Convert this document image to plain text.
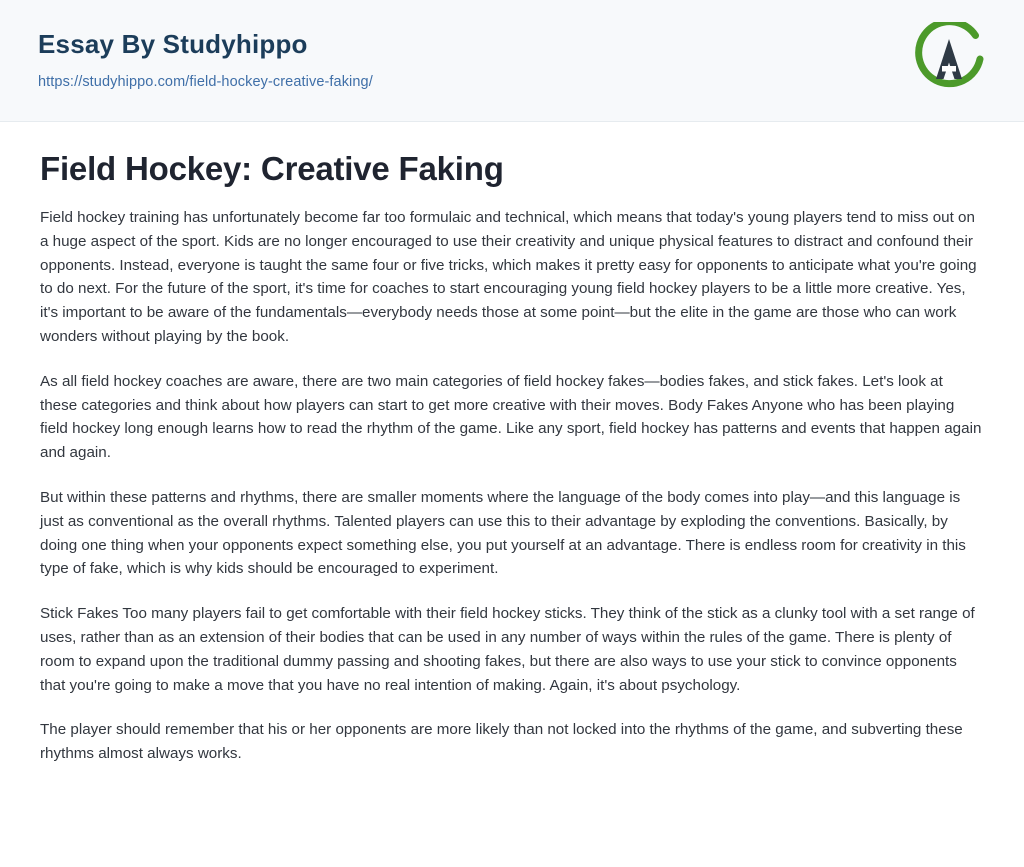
Essay By Studyhippo
https://studyhippo.com/field-hockey-creative-faking/
Field Hockey: Creative Faking

Field hockey training has unfortunately become far too formulaic and technical, which means that today's young players tend to miss out on a huge aspect of the sport. Kids are no longer encouraged to use their creativity and unique physical features to distract and confound their opponents. Instead, everyone is taught the same four or five tricks, which makes it pretty easy for opponents to anticipate what you're going to do next. For the future of the sport, it's time for coaches to start encouraging young field hockey players to be a little more creative. Yes, it's important to be aware of the fundamentals—everybody needs those at some point—but the elite in the game are those who can work wonders without playing by the book.

As all field hockey coaches are aware, there are two main categories of field hockey fakes—bodies fakes, and stick fakes. Let's look at these categories and think about how players can start to get more creative with their moves. Body Fakes Anyone who has been playing field hockey long enough learns how to read the rhythm of the game. Like any sport, field hockey has patterns and events that happen again and again.

But within these patterns and rhythms, there are smaller moments where the language of the body comes into play—and this language is just as conventional as the overall rhythms. Talented players can use this to their advantage by exploding the conventions. Basically, by doing one thing when your opponents expect something else, you put yourself at an advantage. There is endless room for creativity in this type of fake, which is why kids should be encouraged to experiment.

Stick Fakes Too many players fail to get comfortable with their field hockey sticks. They think of the stick as a clunky tool with a set range of uses, rather than as an extension of their bodies that can be used in any number of ways within the rules of the game. There is plenty of room to expand upon the traditional dummy passing and shooting fakes, but there are also ways to use your stick to convince opponents that you're going to make a move that you have no real intention of making. Again, it's about psychology.

The player should remember that his or her opponents are more likely than not locked into the rhythms of the game, and subverting these rhythms almost always works.
